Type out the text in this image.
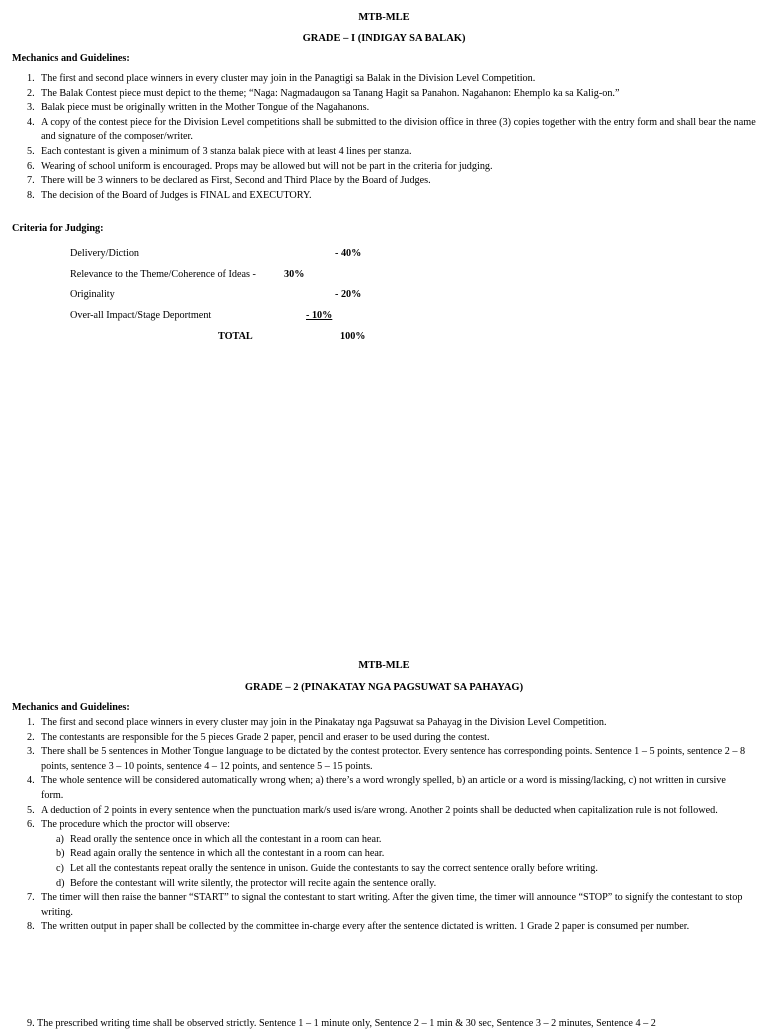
MTB-MLE
GRADE – I (INDIGAY SA BALAK)
Mechanics and Guidelines:
1. The first and second place winners in every cluster may join in the Panagtigi sa Balak in the Division Level Competition.
2. The Balak Contest piece must depict to the theme; “Naga: Nagmadaugon sa Tanang Hagit sa Panahon. Nagahanon: Ehemplo ka sa Kalig-on.”
3. Balak piece must be originally written in the Mother Tongue of the Nagahanons.
4. A copy of the contest piece for the Division Level competitions shall be submitted to the division office in three (3) copies together with the entry form and shall bear the name and signature of the composer/writer.
5. Each contestant is given a minimum of 3 stanza balak piece with at least 4 lines per stanza.
6. Wearing of school uniform is encouraged. Props may be allowed but will not be part in the criteria for judging.
7. There will be 3 winners to be declared as First, Second and Third Place by the Board of Judges.
8. The decision of the Board of Judges is FINAL and EXECUTORY.
Criteria for Judging:
Delivery/Diction	- 40%
Relevance to the Theme/Coherence of Ideas -	30%
Originality	- 20%
Over-all Impact/Stage Deportment	- 10%
TOTAL	100%
MTB-MLE
GRADE – 2 (PINAKATAY NGA PAGSUWAT SA PAHAYAG)
Mechanics and Guidelines:
1. The first and second place winners in every cluster may join in the Pinakatay nga Pagsuwat sa Pahayag in the Division Level Competition.
2. The contestants are responsible for the 5 pieces Grade 2 paper, pencil and eraser to be used during the contest.
3. There shall be 5 sentences in Mother Tongue language to be dictated by the contest protector. Every sentence has corresponding points. Sentence 1 – 5 points, sentence 2 – 8 points, sentence 3 – 10 points, sentence 4 – 12 points, and sentence 5 – 15 points.
4. The whole sentence will be considered automatically wrong when; a) there’s a word wrongly spelled, b) an article or a word is missing/lacking, c) not written in cursive form.
5. A deduction of 2 points in every sentence when the punctuation mark/s used is/are wrong. Another 2 points shall be deducted when capitalization rule is not followed.
6. The procedure which the proctor will observe:
a) Read orally the sentence once in which all the contestant in a room can hear.
b) Read again orally the sentence in which all the contestant in a room can hear.
c) Let all the contestants repeat orally the sentence in unison. Guide the contestants to say the correct sentence orally before writing.
d) Before the contestant will write silently, the protector will recite again the sentence orally.
7. The timer will then raise the banner “START” to signal the contestant to start writing. After the given time, the timer will announce “STOP” to signify the contestant to stop writing.
8. The written output in paper shall be collected by the committee in-charge every after the sentence dictated is written. 1 Grade 2 paper is consumed per number.
9. The prescribed writing time shall be observed strictly. Sentence 1 – 1 minute only, Sentence 2 – 1 min & 30 sec, Sentence 3 – 2 minutes, Sentence 4 – 2
